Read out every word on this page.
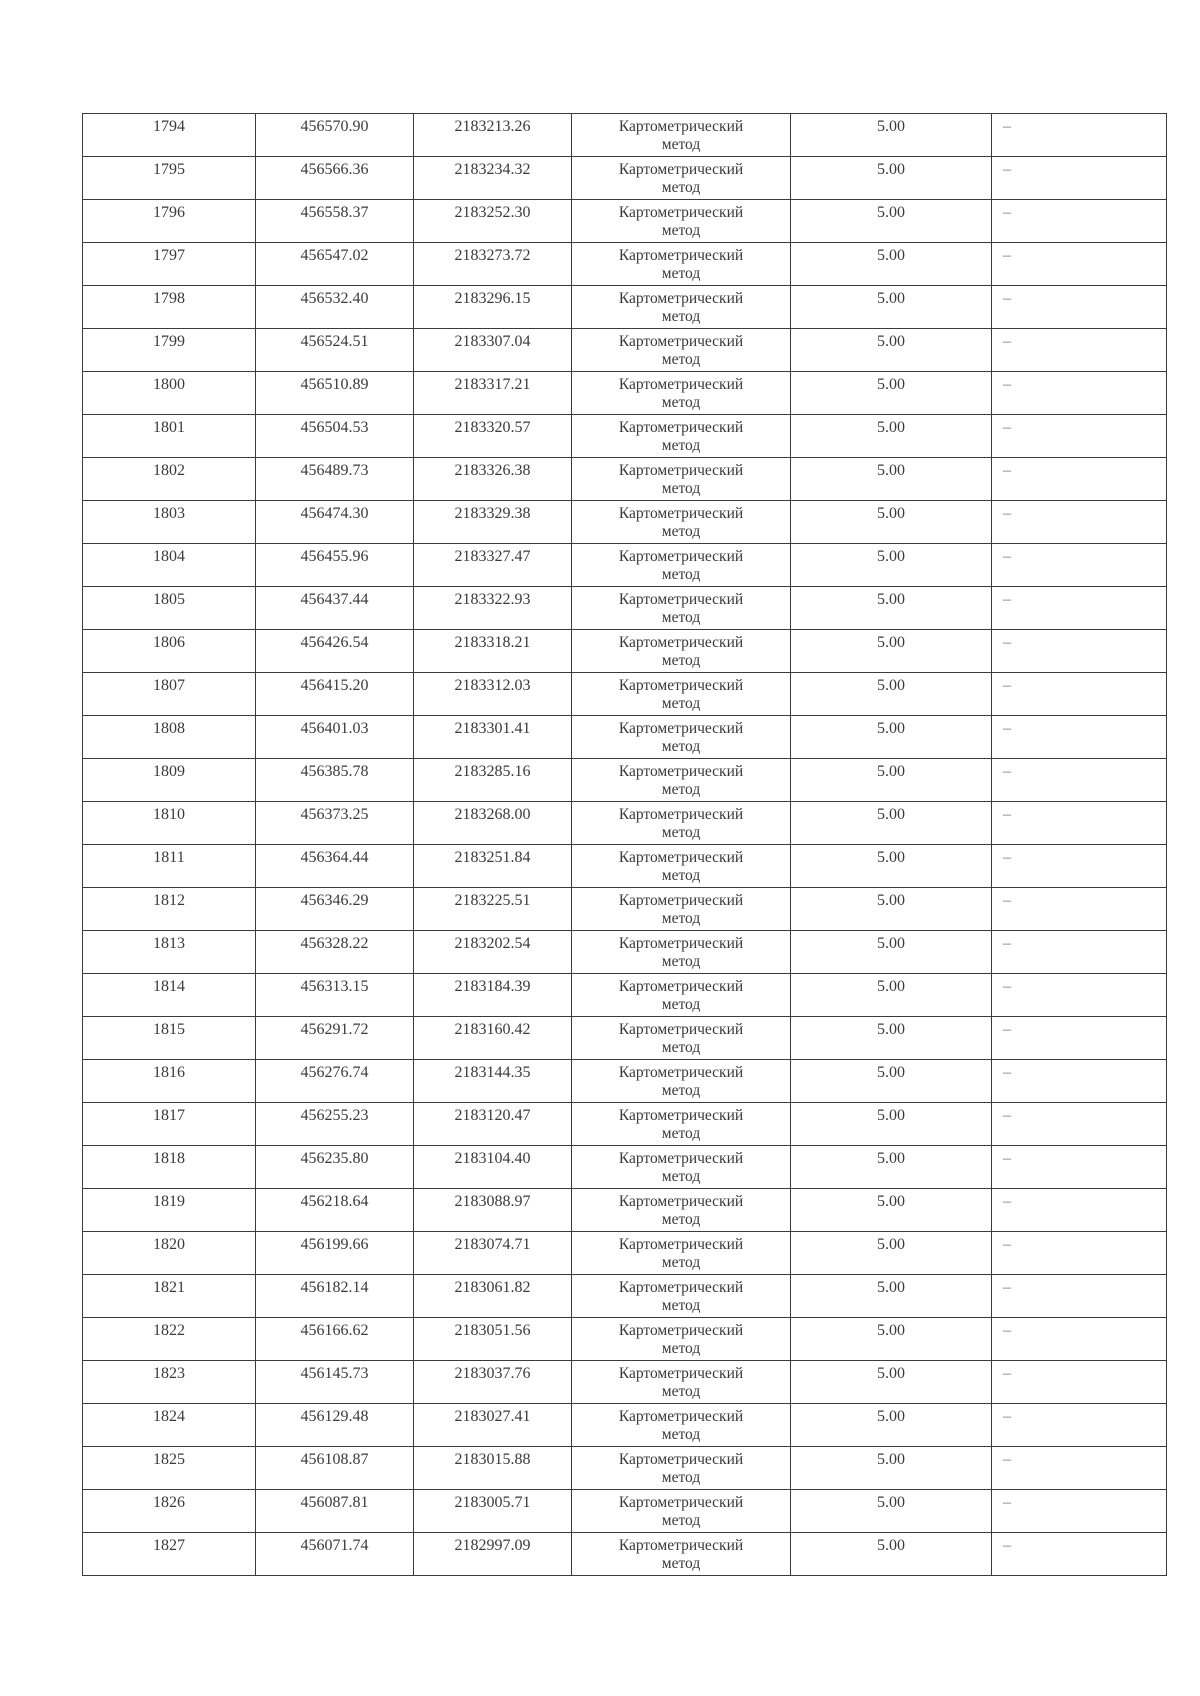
1794	456570.90	2183213.26	Картометрический
метод	5.00	–

1795	456566.36	2183234.32	Картометрический
метод	5.00	–

1796	456558.37	2183252.30	Картометрический
метод	5.00	–

1797	456547.02	2183273.72	Картометрический
метод	5.00	–

1798	456532.40	2183296.15	Картометрический
метод	5.00	–

1799	456524.51	2183307.04	Картометрический
метод	5.00	–

1800	456510.89	2183317.21	Картометрический
метод	5.00	–

1801	456504.53	2183320.57	Картометрический
метод	5.00	–

1802	456489.73	2183326.38	Картометрический
метод	5.00	–

1803	456474.30	2183329.38	Картометрический
метод	5.00	–

1804	456455.96	2183327.47	Картометрический
метод	5.00	–

1805	456437.44	2183322.93	Картометрический
метод	5.00	–

1806	456426.54	2183318.21	Картометрический
метод	5.00	–

1807	456415.20	2183312.03	Картометрический
метод	5.00	–

1808	456401.03	2183301.41	Картометрический
метод	5.00	–

1809	456385.78	2183285.16	Картометрический
метод	5.00	–

1810	456373.25	2183268.00	Картометрический
метод	5.00	–

1811	456364.44	2183251.84	Картометрический
метод	5.00	–

1812	456346.29	2183225.51	Картометрический
метод	5.00	–

1813	456328.22	2183202.54	Картометрический
метод	5.00	–

1814	456313.15	2183184.39	Картометрический
метод	5.00	–

1815	456291.72	2183160.42	Картометрический
метод	5.00	–

1816	456276.74	2183144.35	Картометрический
метод	5.00	–

1817	456255.23	2183120.47	Картометрический
метод	5.00	–

1818	456235.80	2183104.40	Картометрический
метод	5.00	–

1819	456218.64	2183088.97	Картометрический
метод	5.00	–

1820	456199.66	2183074.71	Картометрический
метод	5.00	–

1821	456182.14	2183061.82	Картометрический
метод	5.00	–

1822	456166.62	2183051.56	Картометрический
метод	5.00	–

1823	456145.73	2183037.76	Картометрический
метод	5.00	–

1824	456129.48	2183027.41	Картометрический
метод	5.00	–

1825	456108.87	2183015.88	Картометрический
метод	5.00	–

1826	456087.81	2183005.71	Картометрический
метод	5.00	–

1827	456071.74	2182997.09	Картометрический
метод	5.00	–
